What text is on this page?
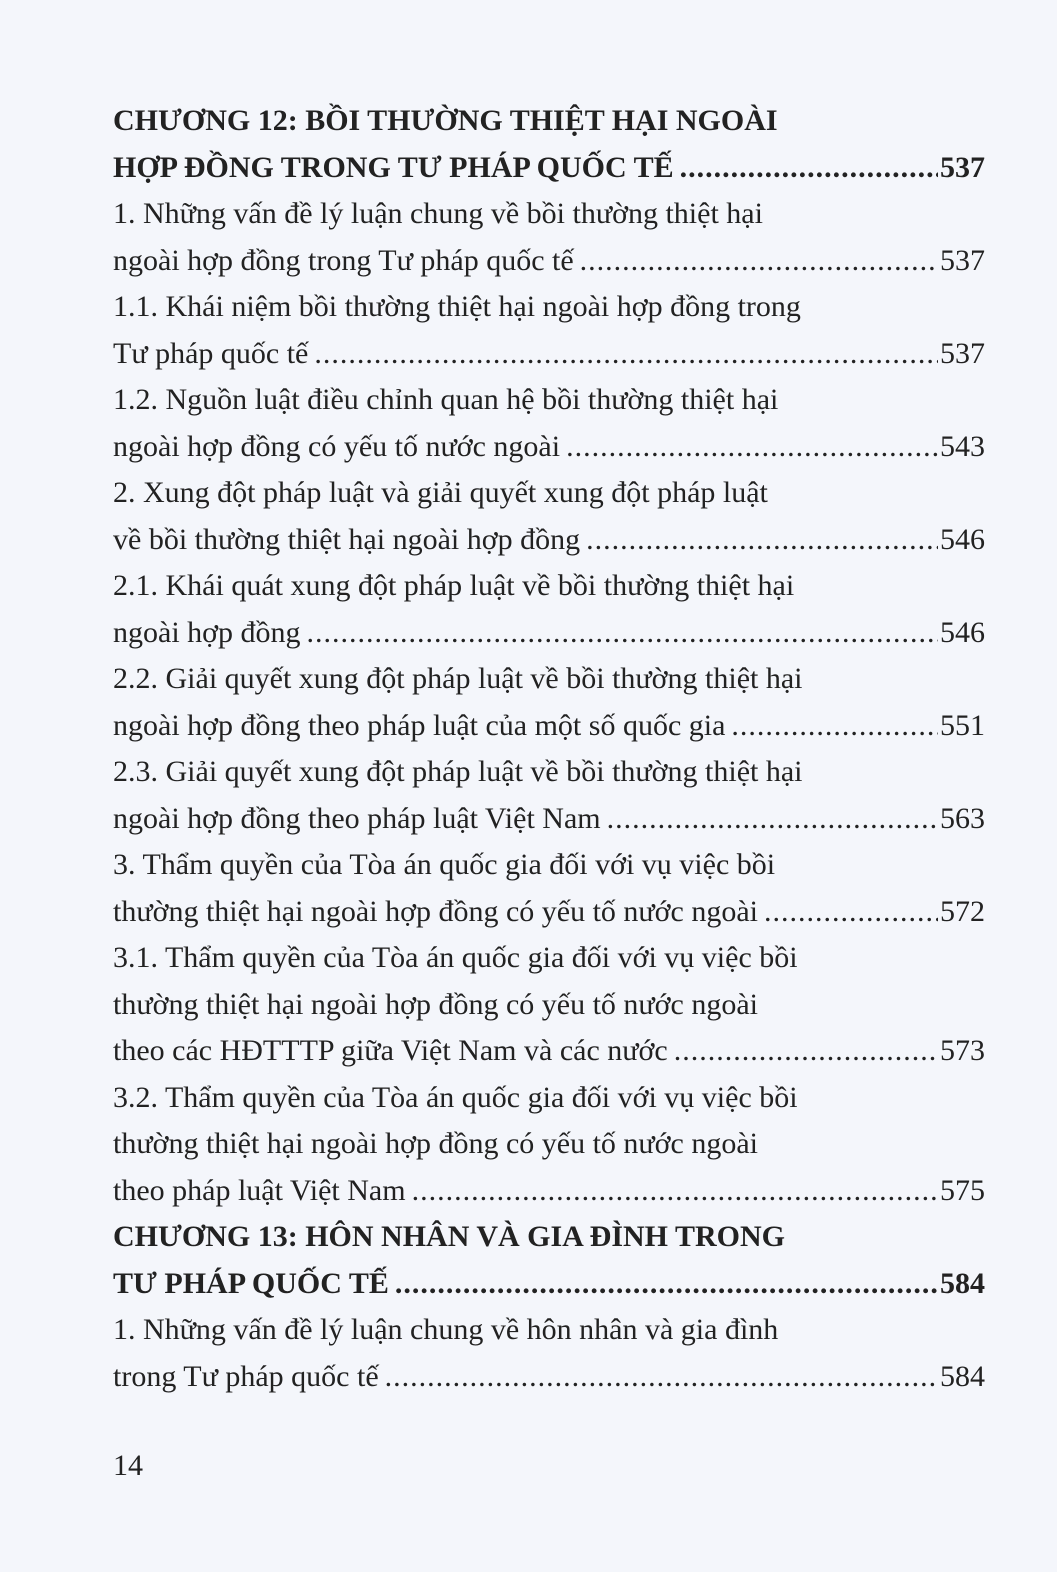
CHƯƠNG 12: BỒI THƯỜNG THIỆT HẠI NGOÀI
HỢP ĐỒNG TRONG TƯ PHÁP QUỐC TẾ .....	537
1. Những vấn đề lý luận chung về bồi thường thiệt hại
ngoài hợp đồng trong Tư pháp quốc tế .....	537
1.1. Khái niệm bồi thường thiệt hại ngoài hợp đồng trong
Tư pháp quốc tế .....	537
1.2. Nguồn luật điều chỉnh quan hệ bồi thường thiệt hại
ngoài hợp đồng có yếu tố nước ngoài .....	543
2. Xung đột pháp luật và giải quyết xung đột pháp luật
về bồi thường thiệt hại ngoài hợp đồng .....	546
2.1. Khái quát xung đột pháp luật về bồi thường thiệt hại
ngoài hợp đồng .....	546
2.2. Giải quyết xung đột pháp luật về bồi thường thiệt hại
ngoài hợp đồng theo pháp luật của một số quốc gia .....	551
2.3. Giải quyết xung đột pháp luật về bồi thường thiệt hại
ngoài hợp đồng theo pháp luật Việt Nam .....	563
3. Thẩm quyền của Tòa án quốc gia đối với vụ việc bồi
thường thiệt hại ngoài hợp đồng có yếu tố nước ngoài .....	572
3.1. Thẩm quyền của Tòa án quốc gia đối với vụ việc bồi
thường thiệt hại ngoài hợp đồng có yếu tố nước ngoài
theo các HĐTTTP giữa Việt Nam và các nước .....	573
3.2. Thẩm quyền của Tòa án quốc gia đối với vụ việc bồi
thường thiệt hại ngoài hợp đồng có yếu tố nước ngoài
theo pháp luật Việt Nam .....	575
CHƯƠNG 13: HÔN NHÂN VÀ GIA ĐÌNH TRONG
TƯ PHÁP QUỐC TẾ .....	584
1. Những vấn đề lý luận chung về hôn nhân và gia đình
trong Tư pháp quốc tế .....	584
14
